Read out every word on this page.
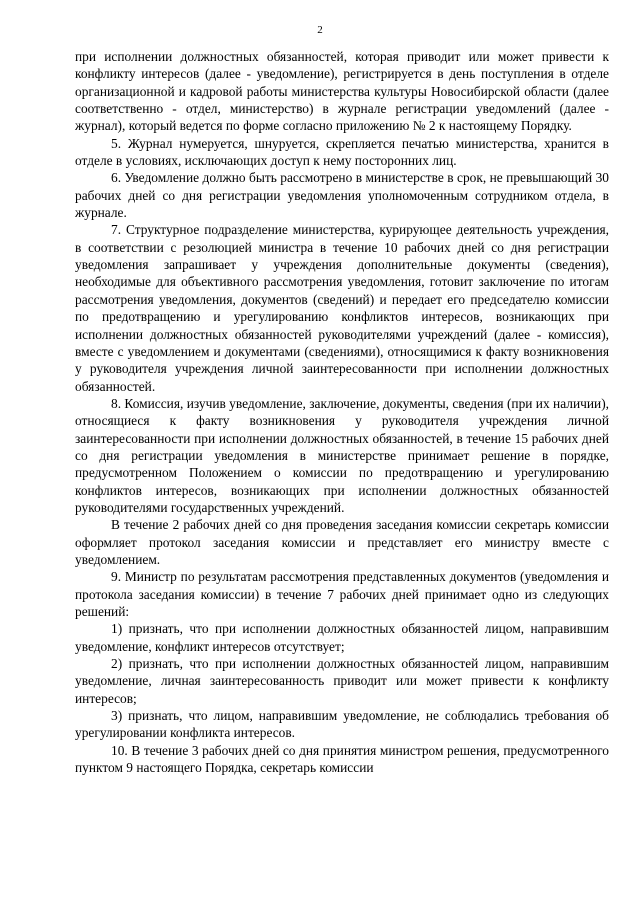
2

при исполнении должностных обязанностей, которая приводит или может привести к конфликту интересов (далее - уведомление), регистрируется в день поступления в отделе организационной и кадровой работы министерства культуры Новосибирской области (далее соответственно - отдел, министерство) в журнале регистрации уведомлений (далее - журнал), который ведется по форме согласно приложению № 2 к настоящему Порядку.

5. Журнал нумеруется, шнуруется, скрепляется печатью министерства, хранится в отделе в условиях, исключающих доступ к нему посторонних лиц.

6. Уведомление должно быть рассмотрено в министерстве в срок, не превышающий 30 рабочих дней со дня регистрации уведомления уполномоченным сотрудником отдела, в журнале.

7. Структурное подразделение министерства, курирующее деятельность учреждения, в соответствии с резолюцией министра в течение 10 рабочих дней со дня регистрации уведомления запрашивает у учреждения дополнительные документы (сведения), необходимые для объективного рассмотрения уведомления, готовит заключение по итогам рассмотрения уведомления, документов (сведений) и передает его председателю комиссии по предотвращению и урегулированию конфликтов интересов, возникающих при исполнении должностных обязанностей руководителями учреждений (далее - комиссия), вместе с уведомлением и документами (сведениями), относящимися к факту возникновения у руководителя учреждения личной заинтересованности при исполнении должностных обязанностей.

8. Комиссия, изучив уведомление, заключение, документы, сведения (при их наличии), относящиеся к факту возникновения у руководителя учреждения личной заинтересованности при исполнении должностных обязанностей, в течение 15 рабочих дней со дня регистрации уведомления в министерстве принимает решение в порядке, предусмотренном Положением о комиссии по предотвращению и урегулированию конфликтов интересов, возникающих при исполнении должностных обязанностей руководителями государственных учреждений.

В течение 2 рабочих дней со дня проведения заседания комиссии секретарь комиссии оформляет протокол заседания комиссии и представляет его министру вместе с уведомлением.

9. Министр по результатам рассмотрения представленных документов (уведомления и протокола заседания комиссии) в течение 7 рабочих дней принимает одно из следующих решений:

1) признать, что при исполнении должностных обязанностей лицом, направившим уведомление, конфликт интересов отсутствует;

2) признать, что при исполнении должностных обязанностей лицом, направившим уведомление, личная заинтересованность приводит или может привести к конфликту интересов;

3) признать, что лицом, направившим уведомление, не соблюдались требования об урегулировании конфликта интересов.

10. В течение 3 рабочих дней со дня принятия министром решения, предусмотренного пунктом 9 настоящего Порядка, секретарь комиссии
